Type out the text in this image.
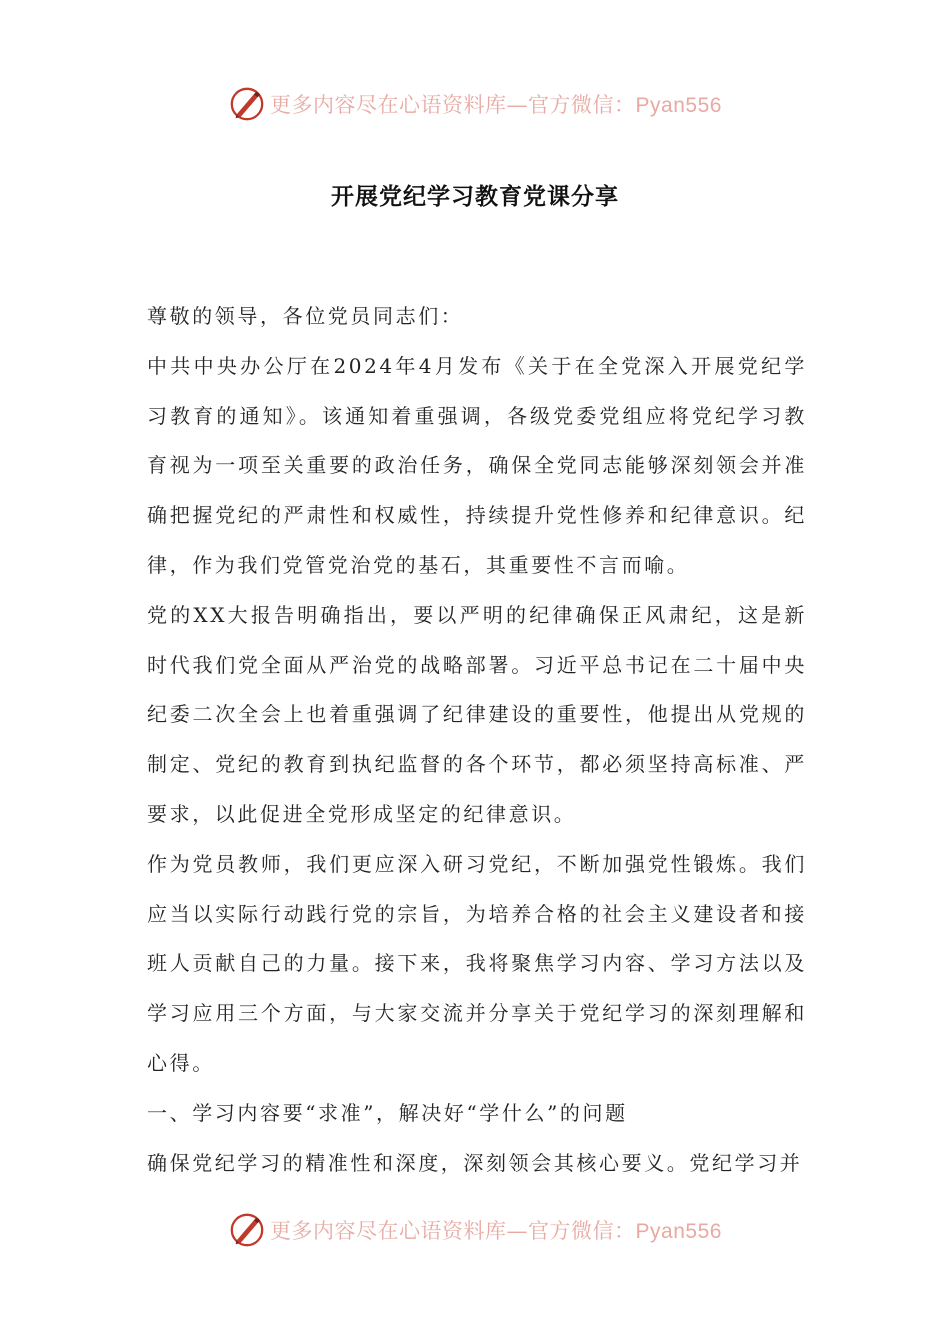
更多内容尽在心语资料库—官方微信：Pyan556
开展党纪学习教育党课分享

尊敬的领导，各位党员同志们：

中共中央办公厅在2024年4月发布《关于在全党深入开展党纪学习教育的通知》。该通知着重强调，各级党委党组应将党纪学习教育视为一项至关重要的政治任务，确保全党同志能够深刻领会并准确把握党纪的严肃性和权威性，持续提升党性修养和纪律意识。纪律，作为我们党管党治党的基石，其重要性不言而喻。

党的XX大报告明确指出，要以严明的纪律确保正风肃纪，这是新时代我们党全面从严治党的战略部署。习近平总书记在二十届中央纪委二次全会上也着重强调了纪律建设的重要性，他提出从党规的制定、党纪的教育到执纪监督的各个环节，都必须坚持高标准、严要求，以此促进全党形成坚定的纪律意识。

作为党员教师，我们更应深入研习党纪，不断加强党性锻炼。我们应当以实际行动践行党的宗旨，为培养合格的社会主义建设者和接班人贡献自己的力量。接下来，我将聚焦学习内容、学习方法以及学习应用三个方面，与大家交流并分享关于党纪学习的深刻理解和心得。

一、学习内容要“求准”，解决好“学什么”的问题

确保党纪学习的精准性和深度，深刻领会其核心要义。党纪学习并

更多内容尽在心语资料库—官方微信：Pyan556
